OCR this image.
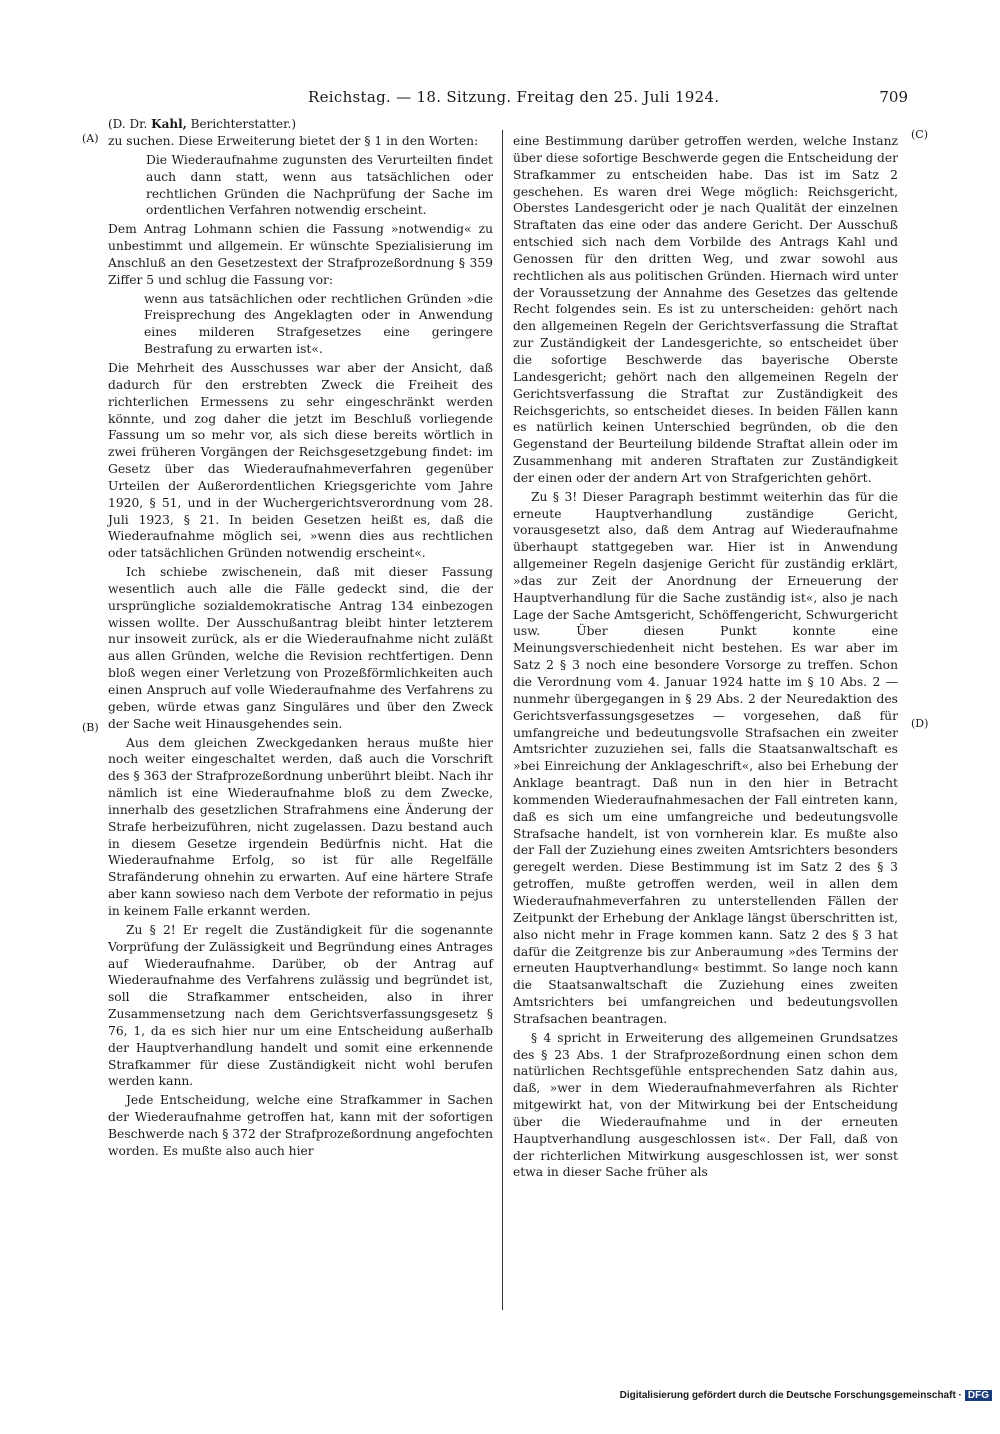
Reichstag. — 18. Sitzung. Freitag den 25. Juli 1924.	709
(D. Dr. Kahl, Berichterstatter.)
(A)
(B)
(C)
(D)

zu suchen. Diese Erweiterung bietet der § 1 in den Worten:

Die Wiederaufnahme zugunsten des Verurteilten findet auch dann statt, wenn aus tatsächlichen oder rechtlichen Gründen die Nachprüfung der Sache im ordentlichen Verfahren notwendig erscheint.

Dem Antrag Lohmann schien die Fassung »notwendig« zu unbestimmt und allgemein. Er wünschte Spezialisierung im Anschluß an den Gesetzestext der Strafprozeßordnung § 359 Ziffer 5 und schlug die Fassung vor:

wenn aus tatsächlichen oder rechtlichen Gründen »die Freisprechung des Angeklagten oder in Anwendung eines milderen Strafgesetzes eine geringere Bestrafung zu erwarten ist«.

Die Mehrheit des Ausschusses war aber der Ansicht, daß dadurch für den erstrebten Zweck die Freiheit des richterlichen Ermessens zu sehr eingeschränkt werden könnte, und zog daher die jetzt im Beschluß vorliegende Fassung um so mehr vor, als sich diese bereits wörtlich in zwei früheren Vorgängen der Reichsgesetzgebung findet: im Gesetz über das Wiederaufnahmeverfahren gegenüber Urteilen der Außerordentlichen Kriegsgerichte vom Jahre 1920, § 51, und in der Wuchergerichtsverordnung vom 28. Juli 1923, § 21. In beiden Gesetzen heißt es, daß die Wiederaufnahme möglich sei, »wenn dies aus rechtlichen oder tatsächlichen Gründen notwendig erscheint«.

Ich schiebe zwischenein, daß mit dieser Fassung wesentlich auch alle die Fälle gedeckt sind, die der ursprüngliche sozialdemokratische Antrag 134 einbezogen wissen wollte. Der Ausschußantrag bleibt hinter letzterem nur insoweit zurück, als er die Wiederaufnahme nicht zuläßt aus allen Gründen, welche die Revision rechtfertigen. Denn bloß wegen einer Verletzung von Prozeßförmlichkeiten auch einen Anspruch auf volle Wiederaufnahme des Verfahrens zu geben, würde etwas ganz Singuläres und über den Zweck der Sache weit Hinausgehendes sein.

Aus dem gleichen Zweckgedanken heraus mußte hier noch weiter eingeschaltet werden, daß auch die Vorschrift des § 363 der Strafprozeßordnung unberührt bleibt. Nach ihr nämlich ist eine Wiederaufnahme bloß zu dem Zwecke, innerhalb des gesetzlichen Strafrahmens eine Änderung der Strafe herbeizuführen, nicht zugelassen. Dazu bestand auch in diesem Gesetze irgendein Bedürfnis nicht. Hat die Wiederaufnahme Erfolg, so ist für alle Regelfälle Strafänderung ohnehin zu erwarten. Auf eine härtere Strafe aber kann sowieso nach dem Verbote der reformatio in pejus in keinem Falle erkannt werden.

Zu § 2! Er regelt die Zuständigkeit für die sogenannte Vorprüfung der Zulässigkeit und Begründung eines Antrages auf Wiederaufnahme. Darüber, ob der Antrag auf Wiederaufnahme des Verfahrens zulässig und begründet ist, soll die Strafkammer entscheiden, also in ihrer Zusammensetzung nach dem Gerichtsverfassungsgesetz § 76, 1, da es sich hier nur um eine Entscheidung außerhalb der Hauptverhandlung handelt und somit eine erkennende Strafkammer für diese Zuständigkeit nicht wohl berufen werden kann.

Jede Entscheidung, welche eine Strafkammer in Sachen der Wiederaufnahme getroffen hat, kann mit der sofortigen Beschwerde nach § 372 der Strafprozeßordnung angefochten worden. Es mußte also auch hier

eine Bestimmung darüber getroffen werden, welche Instanz über diese sofortige Beschwerde gegen die Entscheidung der Strafkammer zu entscheiden habe. Das ist im Satz 2 geschehen. Es waren drei Wege möglich: Reichsgericht, Oberstes Landesgericht oder je nach Qualität der einzelnen Straftaten das eine oder das andere Gericht. Der Ausschuß entschied sich nach dem Vorbilde des Antrags Kahl und Genossen für den dritten Weg, und zwar sowohl aus rechtlichen als aus politischen Gründen. Hiernach wird unter der Voraussetzung der Annahme des Gesetzes das geltende Recht folgendes sein. Es ist zu unterscheiden: gehört nach den allgemeinen Regeln der Gerichtsverfassung die Straftat zur Zuständigkeit der Landesgerichte, so entscheidet über die sofortige Beschwerde das bayerische Oberste Landesgericht; gehört nach den allgemeinen Regeln der Gerichtsverfassung die Straftat zur Zuständigkeit des Reichsgerichts, so entscheidet dieses. In beiden Fällen kann es natürlich keinen Unterschied begründen, ob die den Gegenstand der Beurteilung bildende Straftat allein oder im Zusammenhang mit anderen Straftaten zur Zuständigkeit der einen oder der andern Art von Strafgerichten gehört.

Zu § 3! Dieser Paragraph bestimmt weiterhin das für die erneute Hauptverhandlung zuständige Gericht, vorausgesetzt also, daß dem Antrag auf Wiederaufnahme überhaupt stattgegeben war. Hier ist in Anwendung allgemeiner Regeln dasjenige Gericht für zuständig erklärt, »das zur Zeit der Anordnung der Erneuerung der Hauptverhandlung für die Sache zuständig ist«, also je nach Lage der Sache Amtsgericht, Schöffengericht, Schwurgericht usw. Über diesen Punkt konnte eine Meinungsverschiedenheit nicht bestehen. Es war aber im Satz 2 § 3 noch eine besondere Vorsorge zu treffen. Schon die Verordnung vom 4. Januar 1924 hatte im § 10 Abs. 2 — nunmehr übergegangen in § 29 Abs. 2 der Neuredaktion des Gerichtsverfassungsgesetzes — vorgesehen, daß für umfangreiche und bedeutungsvolle Strafsachen ein zweiter Amtsrichter zuzuziehen sei, falls die Staatsanwaltschaft es »bei Einreichung der Anklageschrift«, also bei Erhebung der Anklage beantragt. Daß nun in den hier in Betracht kommenden Wiederaufnahmesachen der Fall eintreten kann, daß es sich um eine umfangreiche und bedeutungsvolle Strafsache handelt, ist von vornherein klar. Es mußte also der Fall der Zuziehung eines zweiten Amtsrichters besonders geregelt werden. Diese Bestimmung ist im Satz 2 des § 3 getroffen, mußte getroffen werden, weil in allen dem Wiederaufnahmeverfahren zu unterstellenden Fällen der Zeitpunkt der Erhebung der Anklage längst überschritten ist, also nicht mehr in Frage kommen kann. Satz 2 des § 3 hat dafür die Zeitgrenze bis zur Anberaumung »des Termins der erneuten Hauptverhandlung« bestimmt. So lange noch kann die Staatsanwaltschaft die Zuziehung eines zweiten Amtsrichters bei umfangreichen und bedeutungsvollen Strafsachen beantragen.

§ 4 spricht in Erweiterung des allgemeinen Grundsatzes des § 23 Abs. 1 der Strafprozeßordnung einen schon dem natürlichen Rechtsgefühle entsprechenden Satz dahin aus, daß, »wer in dem Wiederaufnahmeverfahren als Richter mitgewirkt hat, von der Mitwirkung bei der Entscheidung über die Wiederaufnahme und in der erneuten Hauptverhandlung ausgeschlossen ist«. Der Fall, daß von der richterlichen Mitwirkung ausgeschlossen ist, wer sonst etwa in dieser Sache früher als

Digitalisierung gefördert durch die Deutsche Forschungsgemeinschaft · DFG
